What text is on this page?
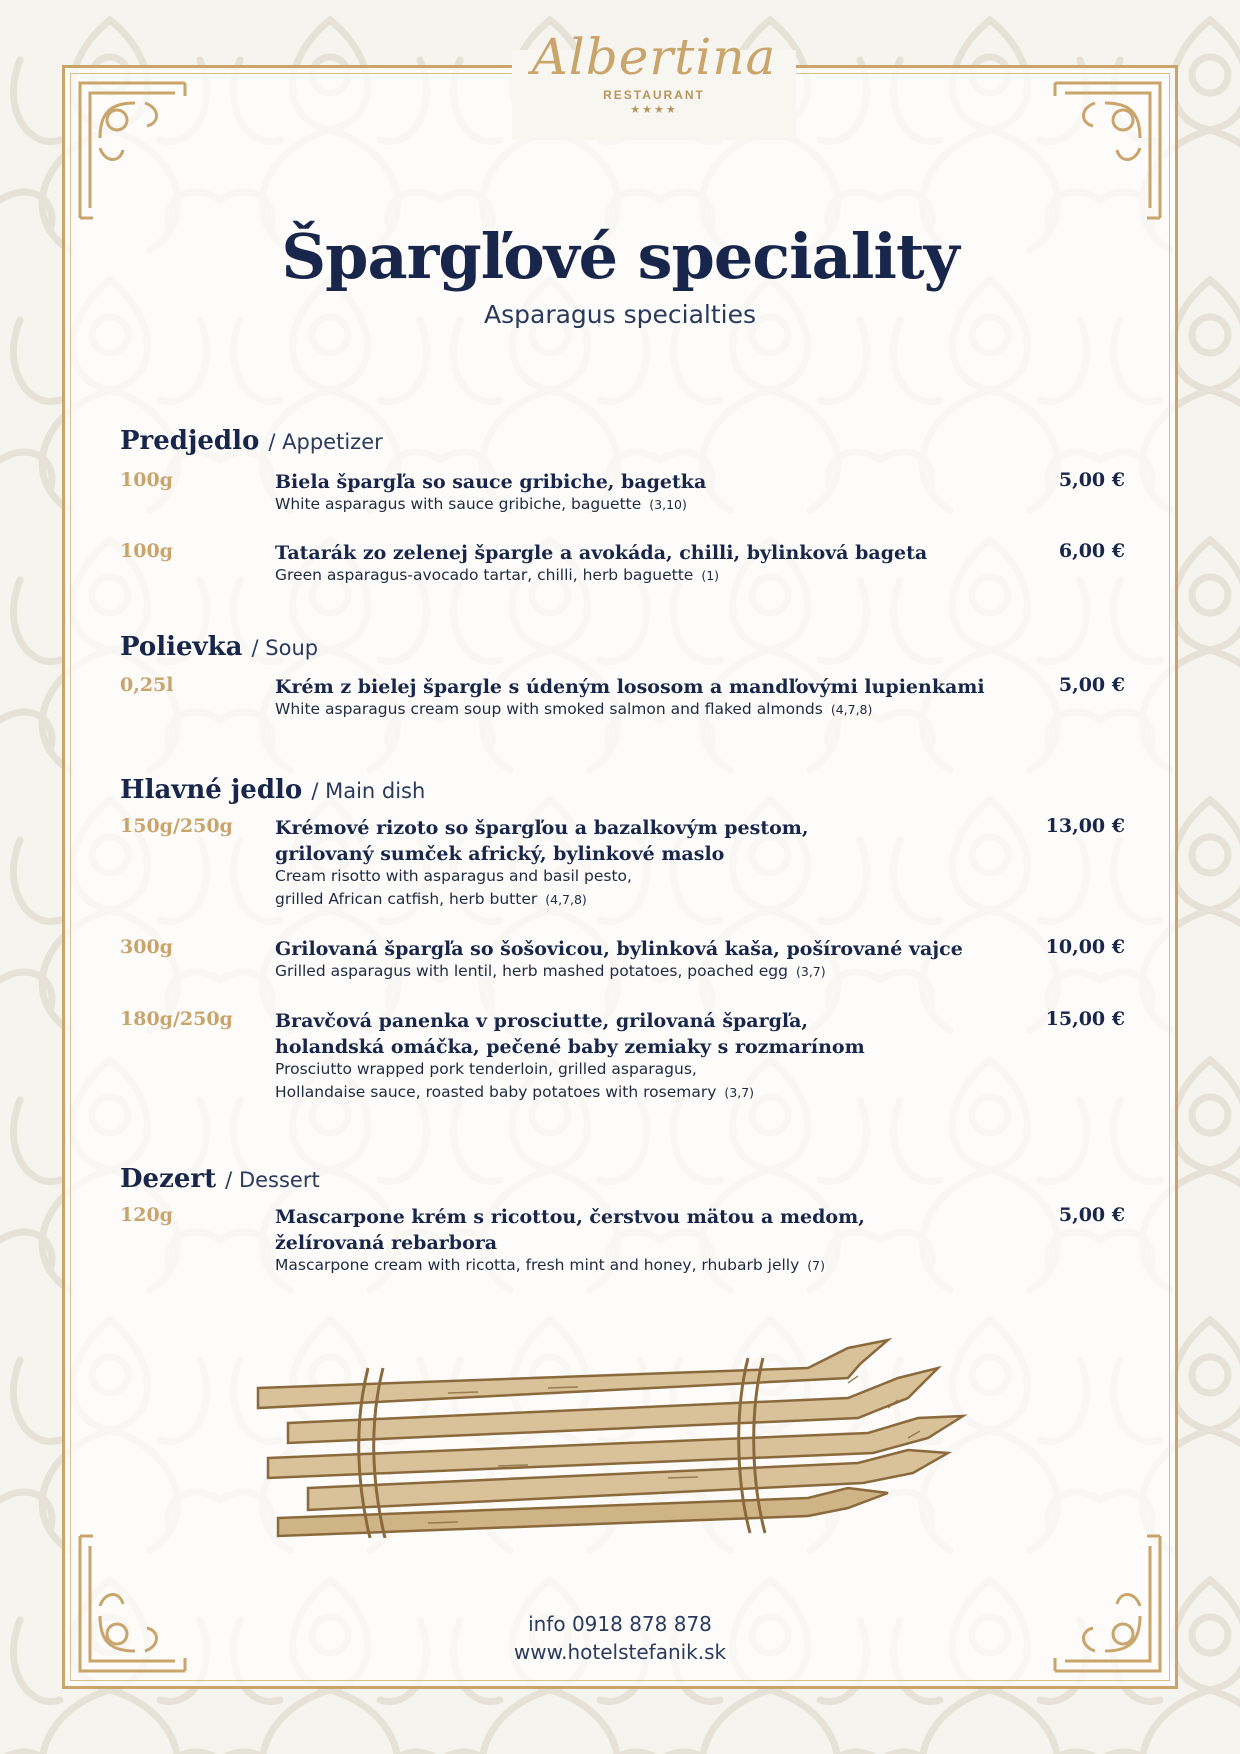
Albertina
RESTAURANT
★★★★
Špargľové speciality
Asparagus specialties
Predjedlo / Appetizer
100g	Biela špargľa so sauce gribiche, bagetka
White asparagus with sauce gribiche, baguette (3,10)
5,00 €
100g	Tatarák zo zelenej špargle a avokáda, chilli, bylinková bageta
Green asparagus-avocado tartar, chilli, herb baguette (1)
6,00 €
Polievka / Soup
0,25l	Krém z bielej špargle s údeným lososom a mandľovými lupienkami
White asparagus cream soup with smoked salmon and flaked almonds (4,7,8)
5,00 €
Hlavné jedlo / Main dish
150g/250g Krémové rizoto so špargľou a bazalkovým pestom,
grilovaný sumček africký, bylinkové maslo
Cream risotto with asparagus and basil pesto,
grilled African catfish, herb butter (4,7,8)
13,00 €
300g	Grilovaná špargľa so šošovicou, bylinková kaša, pošírované vajce
Grilled asparagus with lentil, herb mashed potatoes, poached egg (3,7)
10,00 €
180g/250g Bravčová panenka v prosciutte, grilovaná špargľa,
holandská omáčka, pečené baby zemiaky s rozmarínom
Prosciutto wrapped pork tenderloin, grilled asparagus,
Hollandaise sauce, roasted baby potatoes with rosemary (3,7)
15,00 €
Dezert / Dessert
120g	Mascarpone krém s ricottou, čerstvou mätou a medom,
želírovaná rebarbora
Mascarpone cream with ricotta, fresh mint and honey, rhubarb jelly (7)
5,00 €
info 0918 878 878
www.hotelstefanik.sk
